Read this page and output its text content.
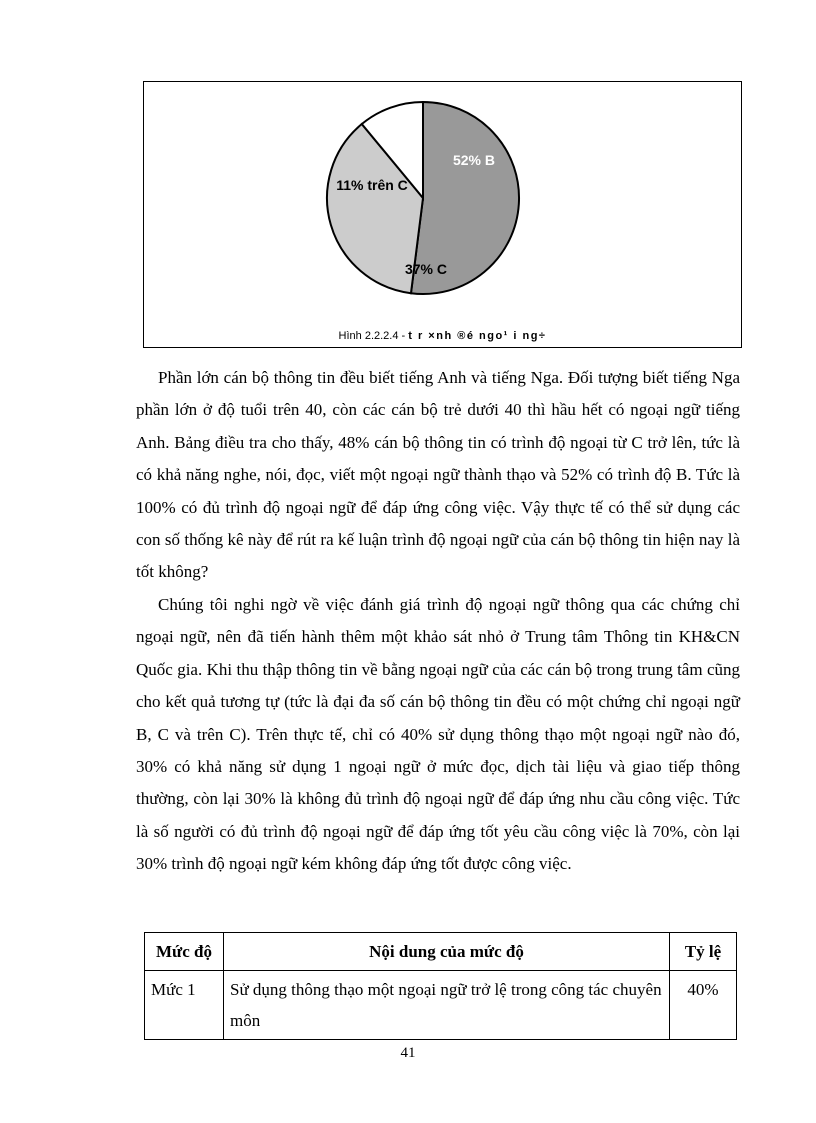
52% B
37% C
11% trên C
Hình 2.2.2.4 - t r ×nh ®é ngo¹ i ng÷

Phần lớn cán bộ thông tin đều biết tiếng Anh và tiếng Nga. Đối tượng biết tiếng Nga phần lớn ở độ tuổi trên 40, còn các cán bộ trẻ dưới 40 thì hầu hết có ngoại ngữ tiếng Anh. Bảng điều tra cho thấy, 48% cán bộ thông tin có trình độ ngoại từ C trở lên, tức là có khả năng nghe, nói, đọc, viết một ngoại ngữ thành thạo và 52% có trình độ B. Tức là 100% có đủ trình độ ngoại ngữ để đáp ứng công việc. Vậy thực tế có thể sử dụng các con số thống kê này để rút ra kế luận trình độ ngoại ngữ của cán bộ thông tin hiện nay là tốt không?

Chúng tôi nghi ngờ về việc đánh giá trình độ ngoại ngữ thông qua các chứng chỉ ngoại ngữ, nên đã tiến hành thêm một khảo sát nhỏ ở Trung tâm Thông tin KH&CN Quốc gia. Khi thu thập thông tin về bằng ngoại ngữ của các cán bộ trong trung tâm cũng cho kết quả tương tự (tức là đại đa số cán bộ thông tin đều có một chứng chỉ ngoại ngữ B, C và trên C). Trên thực tế, chỉ có 40% sử dụng thông thạo một ngoại ngữ nào đó, 30% có khả năng sử dụng 1 ngoại ngữ ở mức đọc, dịch tài liệu và giao tiếp thông thường, còn lại 30% là không đủ trình độ ngoại ngữ để đáp ứng nhu cầu công việc. Tức là số người có đủ trình độ ngoại ngữ để đáp ứng tốt yêu cầu công việc là 70%, còn lại 30% trình độ ngoại ngữ kém không đáp ứng tốt được công việc.

Mức độ	Nội dung của mức độ	Tỷ lệ
Mức 1	Sử dụng thông thạo một ngoại ngữ trở lệ trong công tác chuyên môn	40%
41
